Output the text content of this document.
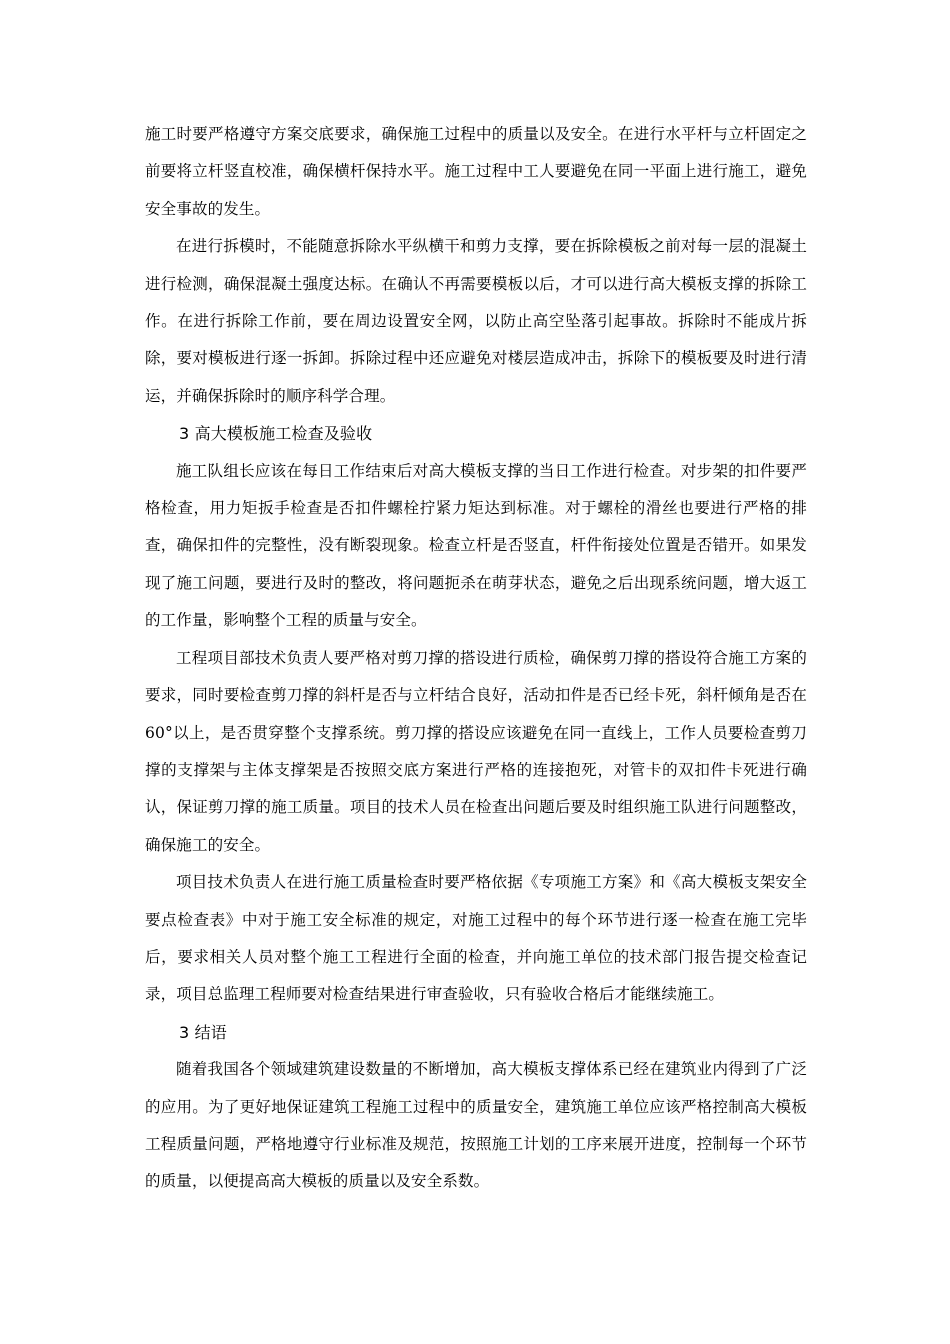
施工时要严格遵守方案交底要求，确保施工过程中的质量以及安全。在进行水平杆与立杆固定之前要将立杆竖直校准，确保横杆保持水平。施工过程中工人要避免在同一平面上进行施工，避免安全事故的发生。

在进行拆模时，不能随意拆除水平纵横干和剪力支撑，要在拆除模板之前对每一层的混凝土进行检测，确保混凝土强度达标。在确认不再需要模板以后，才可以进行高大模板支撑的拆除工作。在进行拆除工作前，要在周边设置安全网，以防止高空坠落引起事故。拆除时不能成片拆除，要对模板进行逐一拆卸。拆除过程中还应避免对楼层造成冲击，拆除下的模板要及时进行清运，并确保拆除时的顺序科学合理。

3 高大模板施工检查及验收

施工队组长应该在每日工作结束后对高大模板支撑的当日工作进行检查。对步架的扣件要严格检查，用力矩扳手检查是否扣件螺栓拧紧力矩达到标准。对于螺栓的滑丝也要进行严格的排查，确保扣件的完整性，没有断裂现象。检查立杆是否竖直，杆件衔接处位置是否错开。如果发现了施工问题，要进行及时的整改，将问题扼杀在萌芽状态，避免之后出现系统问题，增大返工的工作量，影响整个工程的质量与安全。

工程项目部技术负责人要严格对剪刀撑的搭设进行质检，确保剪刀撑的搭设符合施工方案的要求，同时要检查剪刀撑的斜杆是否与立杆结合良好，活动扣件是否已经卡死，斜杆倾角是否在 60°以上，是否贯穿整个支撑系统。剪刀撑的搭设应该避免在同一直线上，工作人员要检查剪刀撑的支撑架与主体支撑架是否按照交底方案进行严格的连接抱死，对管卡的双扣件卡死进行确认，保证剪刀撑的施工质量。项目的技术人员在检查出问题后要及时组织施工队进行问题整改，确保施工的安全。

项目技术负责人在进行施工质量检查时要严格依据《专项施工方案》和《高大模板支架安全要点检查表》中对于施工安全标准的规定，对施工过程中的每个环节进行逐一检查在施工完毕后，要求相关人员对整个施工工程进行全面的检查，并向施工单位的技术部门报告提交检查记录，项目总监理工程师要对检查结果进行审查验收，只有验收合格后才能继续施工。

3 结语

随着我国各个领域建筑建设数量的不断增加，高大模板支撑体系已经在建筑业内得到了广泛的应用。为了更好地保证建筑工程施工过程中的质量安全，建筑施工单位应该严格控制高大模板工程质量问题，严格地遵守行业标准及规范，按照施工计划的工序来展开进度，控制每一个环节的质量，以便提高高大模板的质量以及安全系数。
